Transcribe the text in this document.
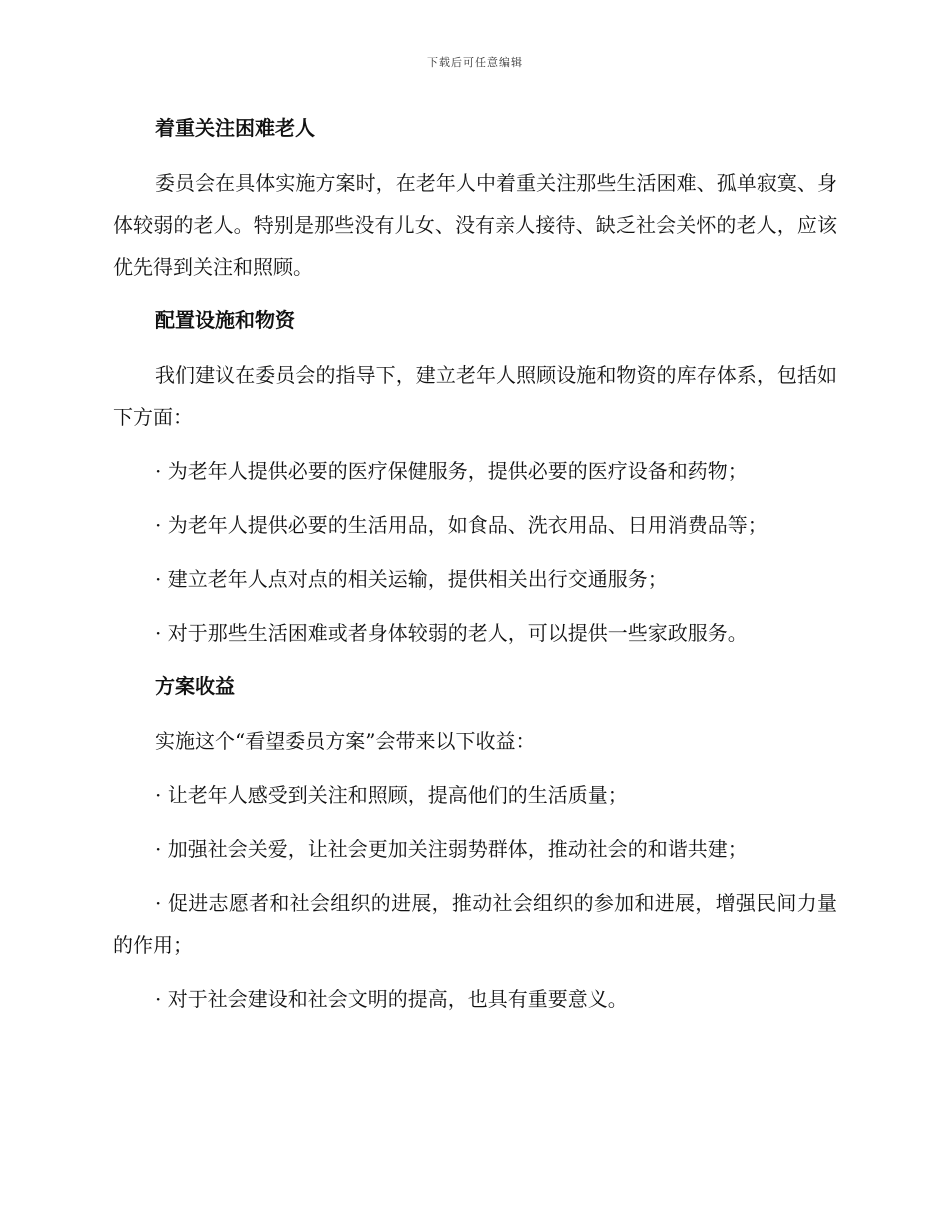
下载后可任意编辑
着重关注困难老人
委员会在具体实施方案时，在老年人中着重关注那些生活困难、孤单寂寞、身体较弱的老人。特别是那些没有儿女、没有亲人接待、缺乏社会关怀的老人，应该优先得到关注和照顾。
配置设施和物资
我们建议在委员会的指导下，建立老年人照顾设施和物资的库存体系，包括如下方面：
· 为老年人提供必要的医疗保健服务，提供必要的医疗设备和药物；
· 为老年人提供必要的生活用品，如食品、洗衣用品、日用消费品等；
· 建立老年人点对点的相关运输，提供相关出行交通服务；
· 对于那些生活困难或者身体较弱的老人，可以提供一些家政服务。
方案收益
实施这个“看望委员方案”会带来以下收益：
· 让老年人感受到关注和照顾，提高他们的生活质量；
· 加强社会关爱，让社会更加关注弱势群体，推动社会的和谐共建；
· 促进志愿者和社会组织的进展，推动社会组织的参加和进展，增强民间力量的作用；
· 对于社会建设和社会文明的提高，也具有重要意义。
